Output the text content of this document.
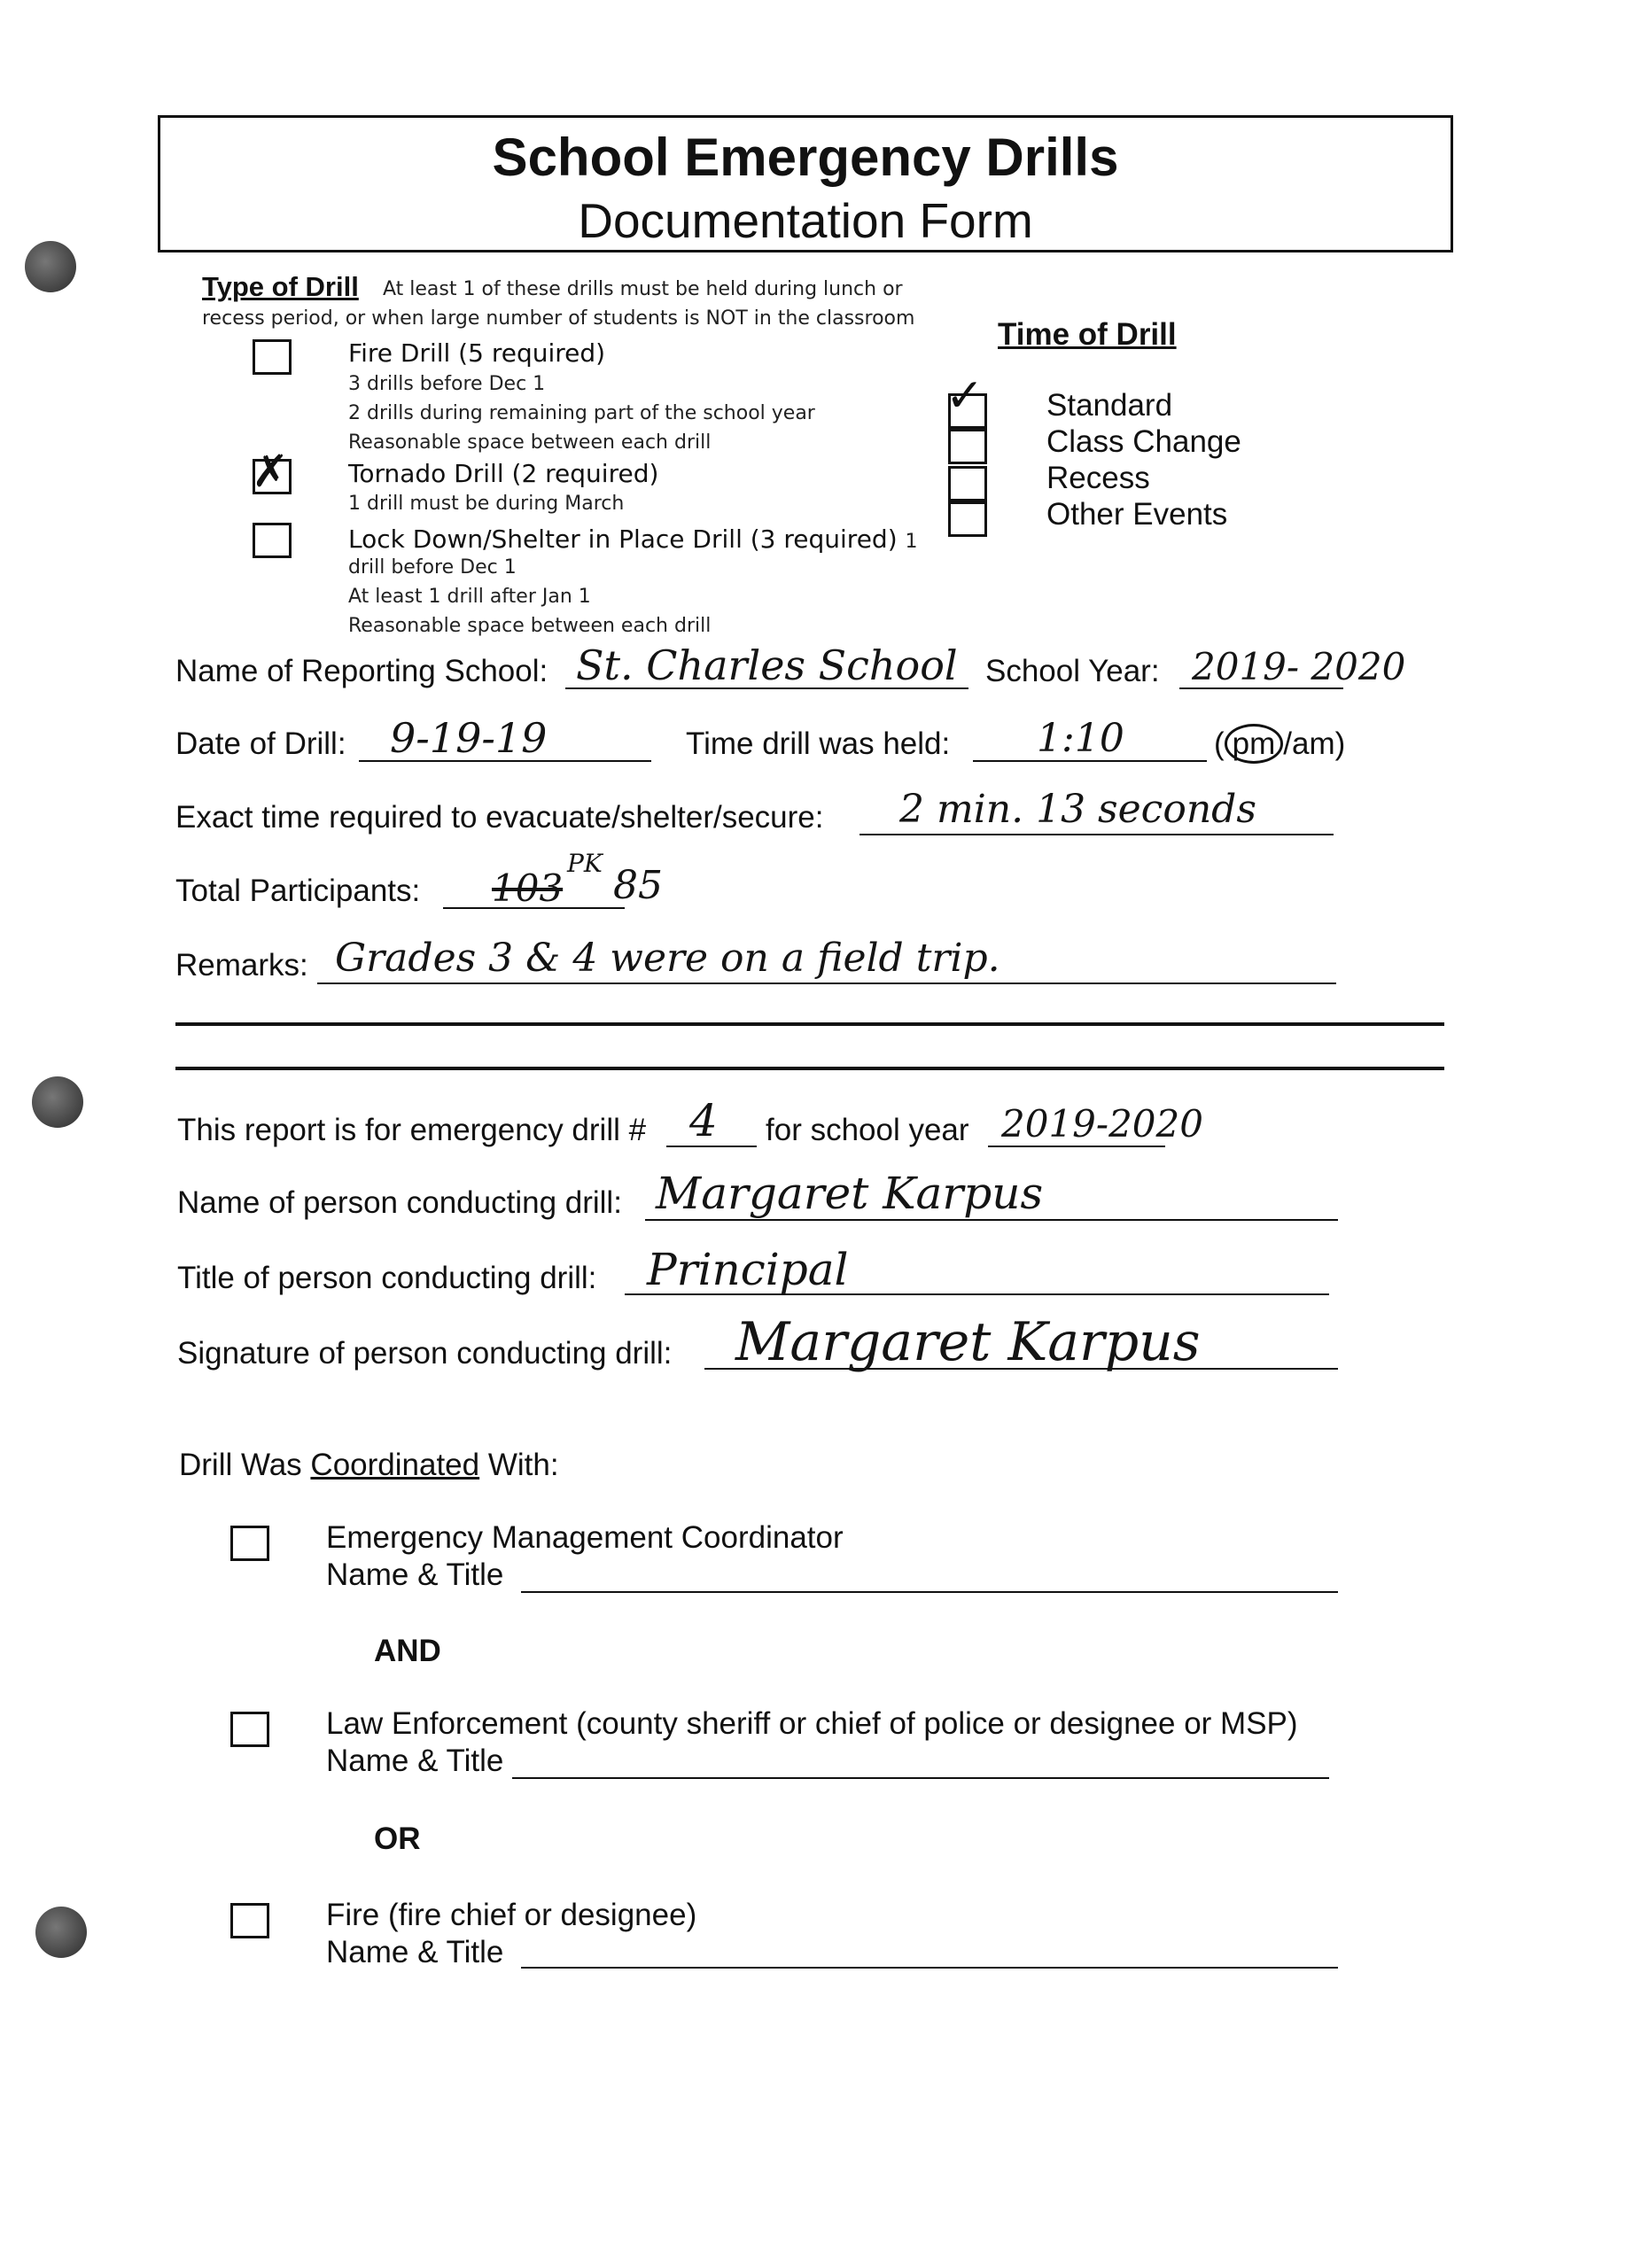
School Emergency Drills
Documentation Form
Type of Drill At least 1 of these drills must be held during lunch or
recess period, or when large number of students is NOT in the classroom
Fire Drill (5 required)
3 drills before Dec 1
2 drills during remaining part of the school year
Reasonable space between each drill
✗
Tornado Drill (2 required)
1 drill must be during March
Lock Down/Shelter in Place Drill (3 required) 1
drill before Dec 1
At least 1 drill after Jan 1
Reasonable space between each drill
Time of Drill
✓
Standard
Class Change
Recess
Other Events
Name of Reporting School: St. Charles School School Year: 2019- 2020
Date of Drill: 9-19-19	Time drill was held: 1:10	( pm /am)
Exact time required to evacuate/shelter/secure: 2 min. 13 seconds
Total Participants: 103
PK 85
Remarks: Grades 3 & 4 were on a field trip.
This report is for emergency drill # 4 for school year 2019-2020
Name of person conducting drill: Margaret Karpus
Title of person conducting drill: Principal
Signature of person conducting drill: Margaret Karpus
Drill Was Coordinated With:
Emergency Management Coordinator
Name & Title
AND
Law Enforcement (county sheriff or chief of police or designee or MSP)
Name & Title
OR
Fire (fire chief or designee)
Name & Title
